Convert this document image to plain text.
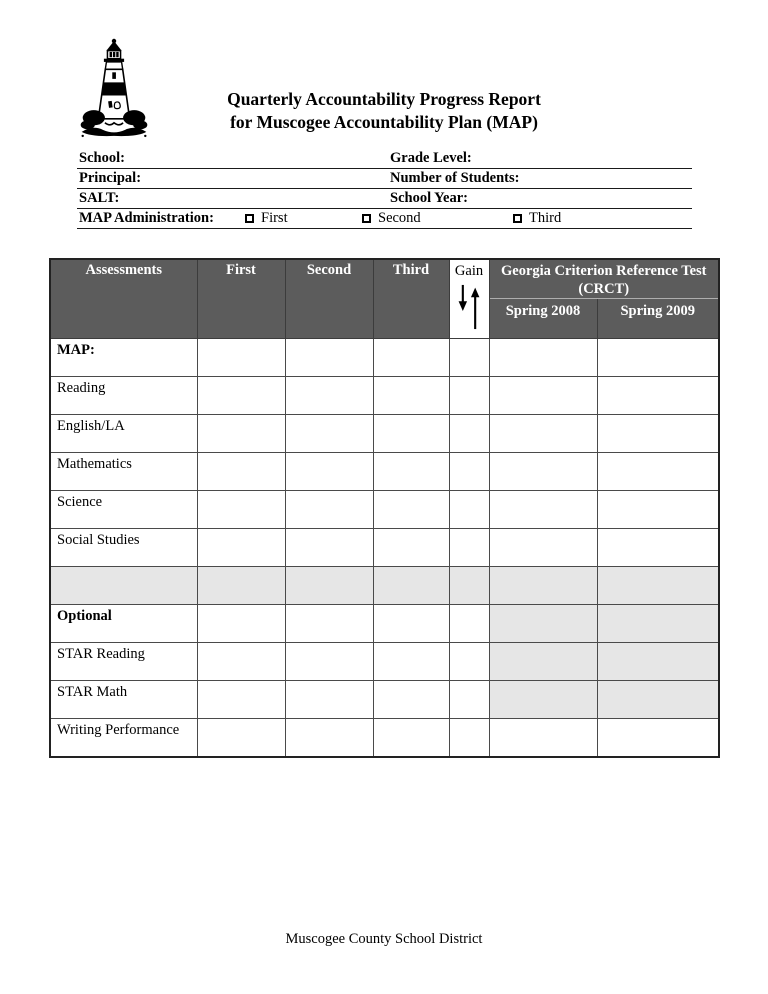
Quarterly Accountability Progress Report
for Muscogee Accountability Plan (MAP)
School:	Grade Level:
Principal:	Number of Students:
SALT:	School Year:
MAP Administration:	First	Second	Third
Assessments	First	Second	Third	Gain	Georgia Criterion Reference Test
(CRCT)	

					Spring 2008	Spring 2009
MAP:						
Reading						
English/LA						
Mathematics						
Science						
Social Studies						

Optional						
STAR Reading						
STAR Math						
Writing Performance						
Muscogee County School District
